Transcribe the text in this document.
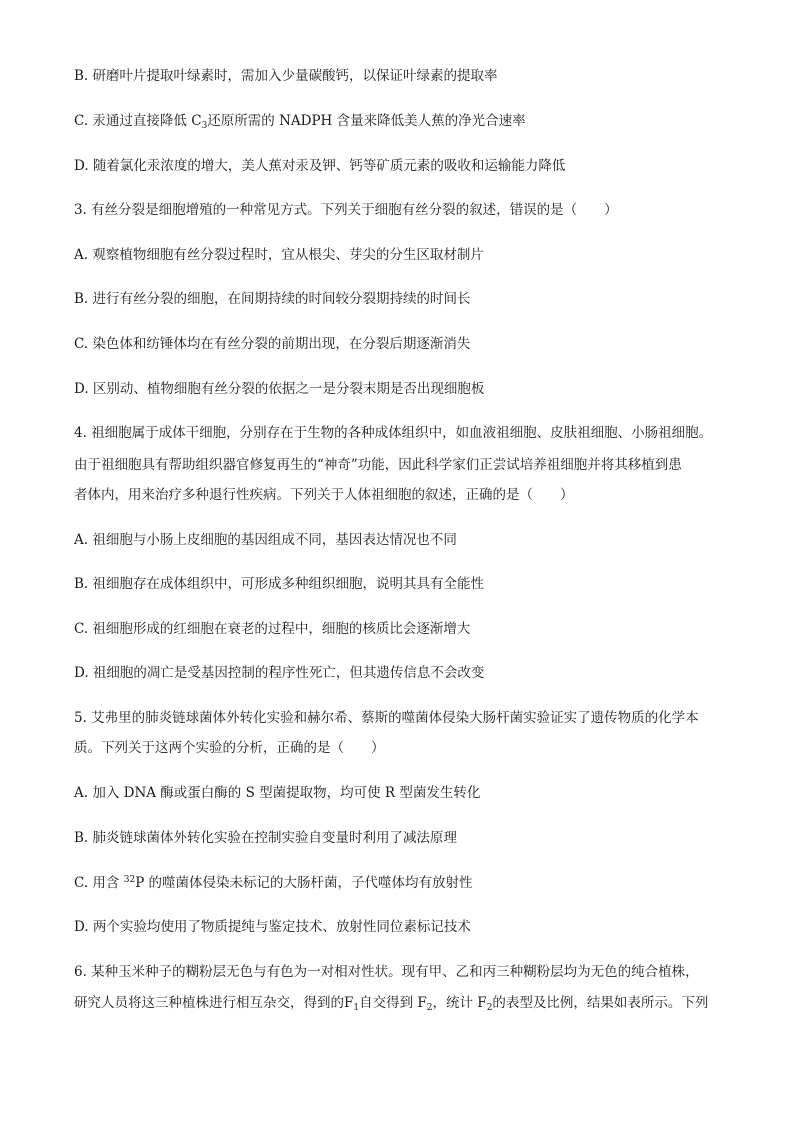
B. 研磨叶片提取叶绿素时，需加入少量碳酸钙，以保证叶绿素的提取率
C. 汞通过直接降低 $C_3$还原所需的 NADPH 含量来降低美人蕉的净光合速率
D. 随着氯化汞浓度的增大，美人蕉对汞及钾、钙等矿质元素的吸收和运输能力降低
3. 有丝分裂是细胞增殖的一种常见方式。下列关于细胞有丝分裂的叙述，错误的是（　　）
A. 观察植物细胞有丝分裂过程时，宜从根尖、芽尖的分生区取材制片
B. 进行有丝分裂的细胞，在间期持续的时间较分裂期持续的时间长
C. 染色体和纺锤体均在有丝分裂的前期出现，在分裂后期逐渐消失
D. 区别动、植物细胞有丝分裂的依据之一是分裂末期是否出现细胞板
4. 祖细胞属于成体干细胞，分别存在于生物的各种成体组织中，如血液祖细胞、皮肤祖细胞、小肠祖细胞。
由于祖细胞具有帮助组织器官修复再生的“神奇”功能，因此科学家们正尝试培养祖细胞并将其移植到患
者体内，用来治疗多种退行性疾病。下列关于人体祖细胞的叙述，正确的是（　　）
A. 祖细胞与小肠上皮细胞的基因组成不同，基因表达情况也不同
B. 祖细胞存在成体组织中，可形成多种组织细胞，说明其具有全能性
C. 祖细胞形成的红细胞在衰老的过程中，细胞的核质比会逐渐增大
D. 祖细胞的凋亡是受基因控制的程序性死亡，但其遗传信息不会改变
5. 艾弗里的肺炎链球菌体外转化实验和赫尔希、蔡斯的噬菌体侵染大肠杆菌实验证实了遗传物质的化学本
质。下列关于这两个实验的分析，正确的是（　　）
A. 加入 DNA 酶或蛋白酶的 S 型菌提取物，均可使 R 型菌发生转化
B. 肺炎链球菌体外转化实验在控制实验自变量时利用了减法原理
C. 用含 $^{32}$P 的噬菌体侵染未标记的大肠杆菌，子代噬体均有放射性
D. 两个实验均使用了物质提纯与鉴定技术、放射性同位素标记技术
6. 某种玉米种子的糊粉层无色与有色为一对相对性状。现有甲、乙和丙三种糊粉层均为无色的纯合植株，
研究人员将这三种植株进行相互杂交，得到的$F_1$自交得到 $F_2$，统计 $F_2$的表型及比例，结果如表所示。下列
